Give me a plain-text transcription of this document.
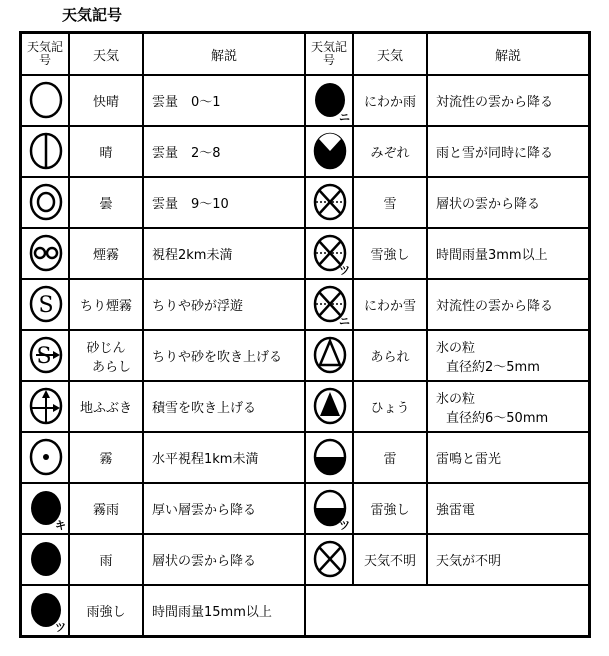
天気記号
天気記号	天気	解説	天気記号	天気	解説

	快晴	雲量　0〜1	ニ	にわか雨	対流性の雲から降る

	晴	雲量　2〜8		みぞれ	雨と雪が同時に降る

	曇	雲量　9〜10		雪	層状の雲から降る

	煙霧	視程2km未満	ツ	雪強し	時間雨量3mm以上

S	ちり煙霧	ちりや砂が浮遊	ニ	にわか雪	対流性の雲から降る

S	砂じん
あらし	ちりや砂を吹き上げる		あられ	氷の粒
直径約2〜5mm

	地ふぶき	積雪を吹き上げる		ひょう	氷の粒
直径約6〜50mm

	霧	水平視程1km未満		雷	雷鳴と雷光

キ	霧雨	厚い層雲から降る	ツ	雷強し	強雷電

	雨	層状の雲から降る		天気不明	天気が不明

ツ	雨強し	時間雨量15mm以上			
